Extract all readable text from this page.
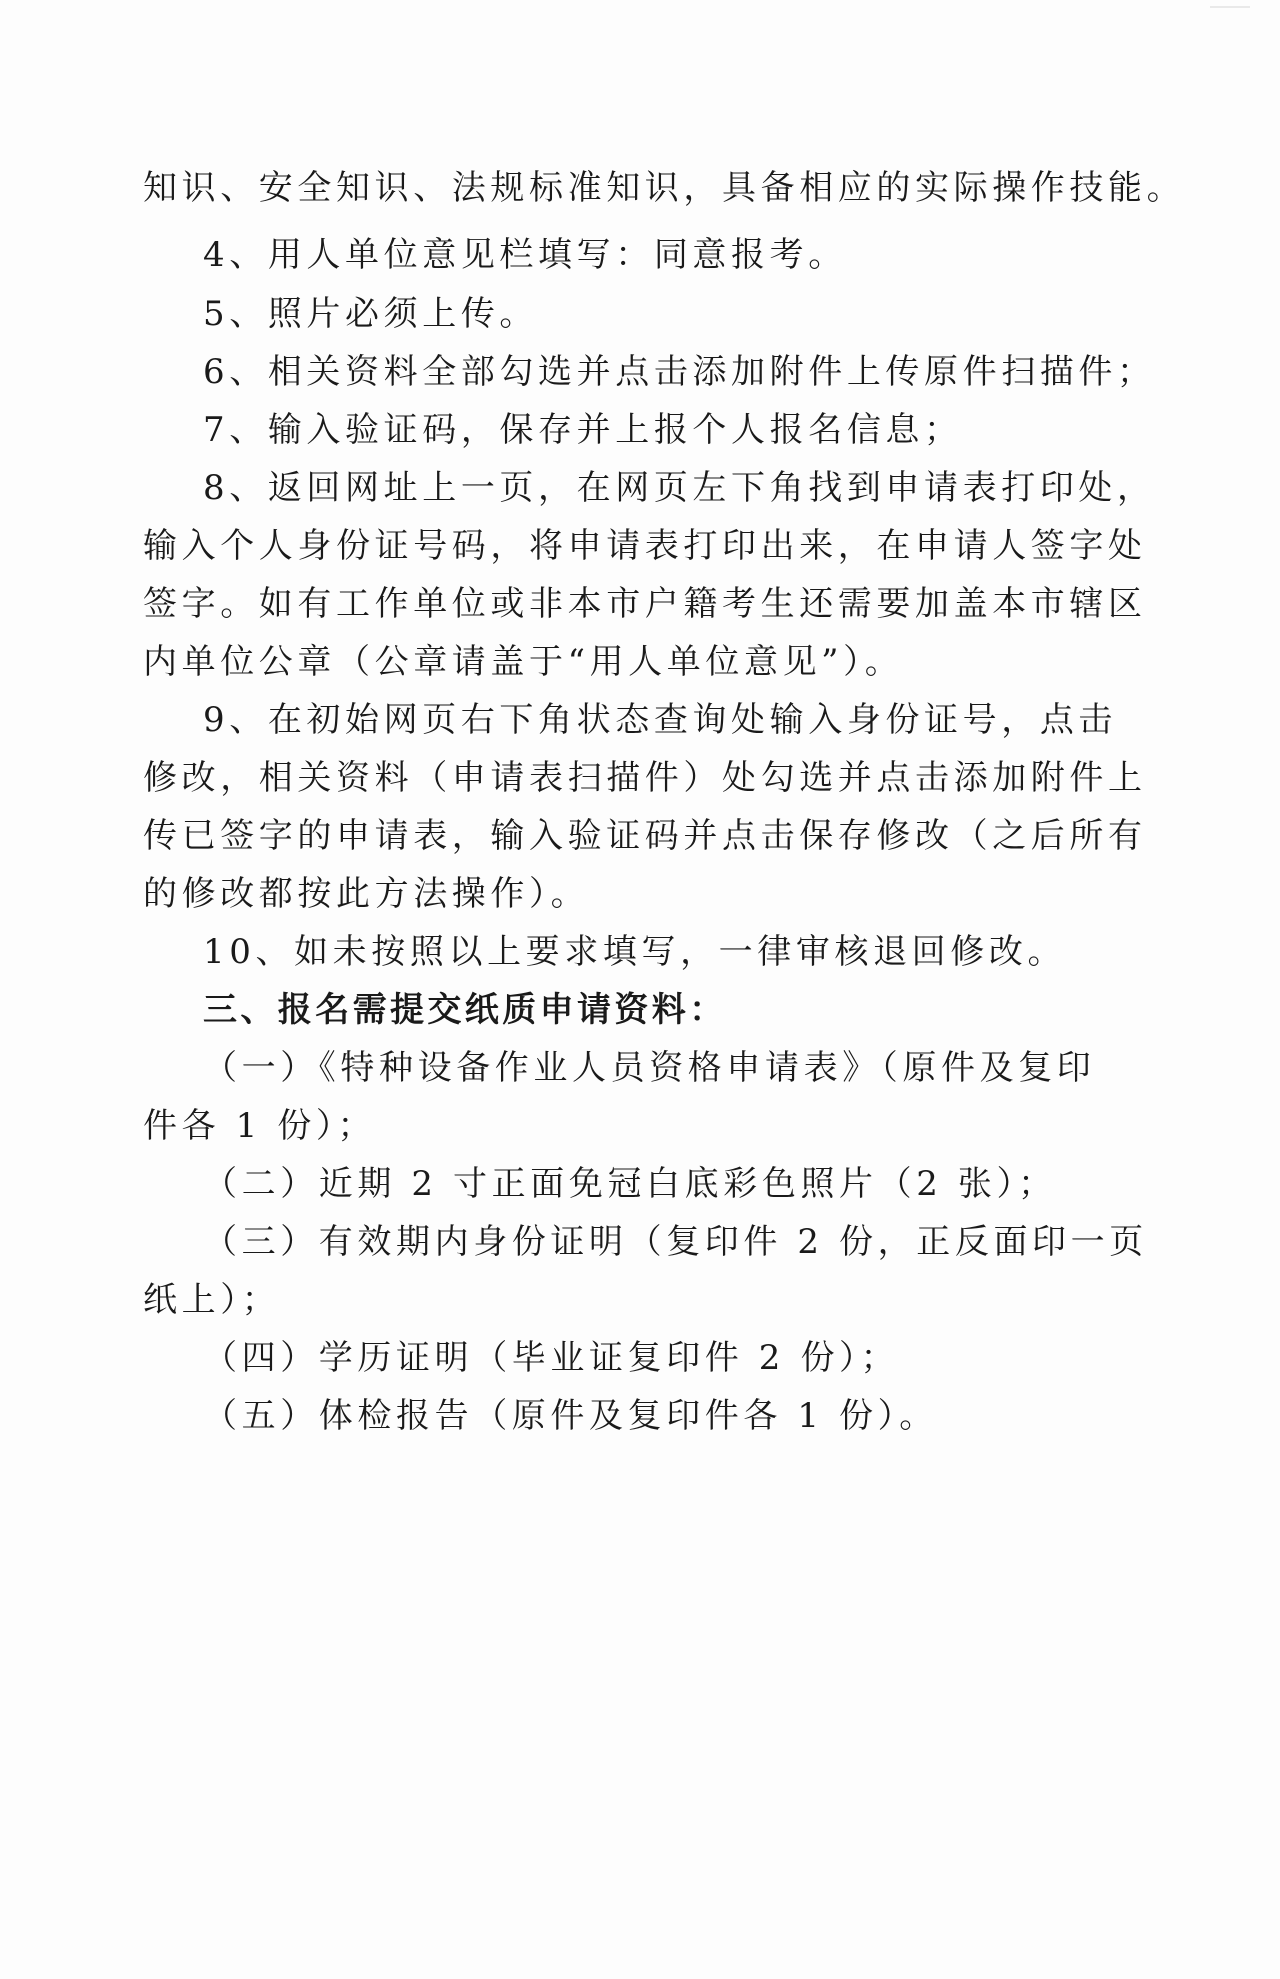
知识、安全知识、法规标准知识，具备相应的实际操作技能。
4、用人单位意见栏填写：同意报考。
5、照片必须上传。
6、相关资料全部勾选并点击添加附件上传原件扫描件；
7、输入验证码，保存并上报个人报名信息；
8、返回网址上一页，在网页左下角找到申请表打印处，
输入个人身份证号码，将申请表打印出来，在申请人签字处
签字。如有工作单位或非本市户籍考生还需要加盖本市辖区
内单位公章（公章请盖于“用人单位意见”）。
9、在初始网页右下角状态查询处输入身份证号，点击
修改，相关资料（申请表扫描件）处勾选并点击添加附件上
传已签字的申请表，输入验证码并点击保存修改（之后所有
的修改都按此方法操作）。
10、如未按照以上要求填写，一律审核退回修改。
三、报名需提交纸质申请资料：
（一）《特种设备作业人员资格申请表》（原件及复印
件各 1 份）；
（二）近期 2 寸正面免冠白底彩色照片（2 张）；
（三）有效期内身份证明（复印件 2 份，正反面印一页
纸上）；
（四）学历证明（毕业证复印件 2 份）；
（五）体检报告（原件及复印件各 1 份）。
